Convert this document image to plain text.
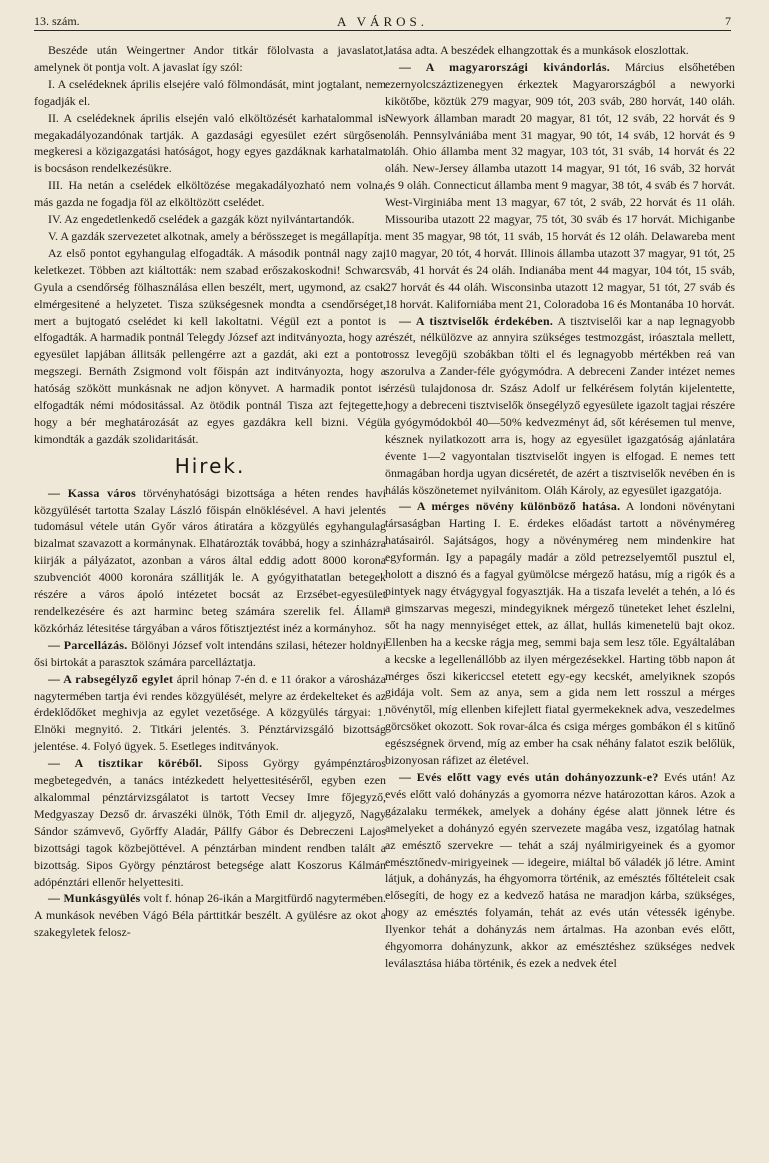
13. szám.	A VÁROS.	7

Beszéde után Weingertner Andor titkár fölolvasta a javaslatot, amelynek öt pontja volt. A javaslat így szól:

I. A cselédeknek április elsejére való fölmondását, mint jogtalant, nem fogadják el.

II. A cselédeknek április elsején való elköltözését karhatalommal is megakadályozandónak tartják. A gazdasági egyesület ezért sürgősen megkeresi a közigazgatási hatóságot, hogy egyes gazdáknak karhatalmat is bocsáson rendelkezésükre.

III. Ha netán a cselédek elköltözése megakadályozható nem volna, más gazda ne fogadja föl az elköltözött cselédet.

IV. Az engedetlenkedő cselédek a gazgák közt nyilvántartandók.

V. A gazdák szervezetet alkotnak, amely a bérösszeget is megállapítja.

Az első pontot egyhangulag elfogadták. A második pontnál nagy zaj keletkezet. Többen azt kiáltották: nem szabad erőszakoskodni! Schwarc Gyula a csendőrség fölhasználása ellen beszélt, mert, ugymond, az csak elmérgesitené a helyzetet. Tisza szükségesnek mondta a csendőrséget, mert a bujtogató cselédet ki kell lakoltatni. Végül ezt a pontot is elfogadták. A harmadik pontnál Telegdy József azt inditványozta, hogy az egyesület lapjában állitsák pellengérre azt a gazdát, aki ezt a pontot megszegi. Bernáth Zsigmond volt főispán azt inditványozta, hogy a hatóság szökött munkásnak ne adjon könyvet. A harmadik pontot is elfogadták némi módositással. Az ötödik pontnál Tisza azt fejtegette, hogy a bér meghatározását az egyes gazdákra kell bizni. Végül kimondták a gazdák szolidaritását.

Hirek.

— Kassa város törvényhatósági bizottsága a héten rendes havi közgyülését tartotta Szalay László főispán elnöklésével. A havi jelentés tudomásul vétele után Győr város átiratára a közgyülés egyhangulag bizalmat szavazott a kormánynak. Elhatározták továbbá, hogy a szinházra kiirják a pályázatot, azonban a város által eddig adott 8000 korona szubvenciót 4000 koronára szállitják le. A gyógyithatatlan betegek részére a város ápoló intézetet bocsát az Erzsébet-egyesület rendelkezésére és azt harminc beteg számára szerelik fel. Állami közkórház létesitése tárgyában a város főtisztjeztést inéz a kormányhoz.

— Parcellázás. Bölönyi József volt intendáns szilasi, hétezer holdnyi ősi birtokát a parasztok számára parcelláztatja.

— A rabsegélyző egylet ápril hónap 7-én d. e 11 órakor a városháza nagytermében tartja évi rendes közgyülését, melyre az érdekelteket és az érdeklődőket meghivja az egylet vezetősége. A közgyülés tárgyai: 1. Elnöki megnyitó. 2. Titkári jelentés. 3. Pénztárvizsgáló bizottság jelentése. 4. Folyó ügyek. 5. Esetleges inditványok.

— A tisztikar köréből. Siposs György gyámpénztáros megbetegedvén, a tanács intézkedett helyettesitéséről, egyben ezen alkalommal pénztárvizsgálatot is tartott Vecsey Imre főjegyző, Medgyaszay Dezső dr. árvaszéki ülnök, Tóth Emil dr. aljegyző, Nagy Sándor számvevő, Győrffy Aladár, Pállfy Gábor és Debreczeni Lajos bizottsági tagok közbejöttével. A pénztárban mindent rendben talált a bizottság. Sipos György pénztárost betegsége alatt Koszorus Kálmán adópénztári ellenőr helyettesiti.

— Munkásgyülés volt f. hónap 26-ikán a Margitfürdő nagytermében. A munkások nevében Vágó Béla párttitkár beszélt. A gyülésre az okot a szakegyletek felosz-

latása adta. A beszédek elhangzottak és a munkások eloszlottak.

— A magyarországi kivándorlás. Március elsőhetében ezernyolcszáztizenegyen érkeztek Magyarországból a newyorki kikötőbe, köztük 279 magyar, 909 tót, 203 sváb, 280 horvát, 140 oláh. Newyork államban maradt 20 magyar, 81 tót, 12 sváb, 22 horvát és 9 oláh. Pennsylvániába ment 31 magyar, 90 tót, 14 sváb, 12 horvát és 9 oláh. Ohio államba ment 32 magyar, 103 tót, 31 sváb, 14 horvát és 22 oláh. New-Jersey államba utazott 14 magyar, 91 tót, 16 sváb, 32 horvát és 9 oláh. Connecticut államba ment 9 magyar, 38 tót, 4 sváb és 7 horvát. West-Virginiába ment 13 magyar, 67 tót, 2 sváb, 22 horvát és 11 oláh. Missouriba utazott 22 magyar, 75 tót, 30 sváb és 17 horvát. Michiganbe ment 35 magyar, 98 tót, 11 sváb, 15 horvát és 12 oláh. Delawareba ment 10 magyar, 20 tót, 4 horvát. Illinois államba utazott 37 magyar, 91 tót, 25 sváb, 41 horvát és 24 oláh. Indianába ment 44 magyar, 104 tót, 15 sváb, 27 horvát és 44 oláh. Wisconsinba utazott 12 magyar, 51 tót, 27 sváb és 18 horvát. Kaliforniába ment 21, Coloradoba 16 és Montanába 10 horvát.

— A tisztviselők érdekében. A tisztviselői kar a nap legnagyobb részét, nélkülözve az annyira szükséges testmozgást, iróasztala mellett, rossz levegőjü szobákban tölti el és legnagyobb mértékben reá van szorulva a Zander-féle gyógymódra. A debreceni Zander intézet nemes érzésü tulajdonosa dr. Szász Adolf ur felkérésem folytán kijelentette, hogy a debreceni tisztviselők önsegélyző egyesülete igazolt tagjai részére a gyógymódokból 40—50% kedvezményt ád, sőt kérésemen tul menve, késznek nyilatkozott arra is, hogy az egyesület igazgatóság ajánlatára évente 1—2 vagyontalan tisztviselőt ingyen is elfogad. E nemes tett önmagában hordja ugyan dicséretét, de azért a tisztviselők nevében én is hálás köszönetemet nyilvánitom. Oláh Károly, az egyesület igazgatója.

— A mérges növény különböző hatása. A londoni növénytani társaságban Harting I. E. érdekes előadást tartott a növényméreg hatásairól. Sajátságos, hogy a növényméreg nem mindenkire hat egyformán. Igy a papagály madár a zöld petrezselyemtől pusztul el, holott a disznó és a fagyal gyümölcse mérgező hatásu, míg a rigók és a pintyek nagy étvágygyal fogyasztják. Ha a tiszafa levelét a tehén, a ló és a gimszarvas megeszi, mindegyiknek mérgező tüneteket lehet észlelni, sőt ha nagy mennyiséget ettek, az állat, hullás kimenetelü bajt okoz. Ellenben ha a kecske rágja meg, semmi baja sem lesz tőle. Egyáltalában a kecske a legellenállóbb az ilyen mérgezésekkel. Harting több napon át mérges őszi kikericcsel etetett egy-egy kecskét, amelyiknek szopós gidája volt. Sem az anya, sem a gida nem lett rosszul a mérges növénytől, míg ellenben kifejlett fiatal gyermekeknek adva, veszedelmes görcsöket okozott. Sok rovar-álca és csiga mérges gombákon él s kitűnő egészségnek örvend, míg az ember ha csak néhány falatot eszik belőlük, bizonyosan ráfizet az életével.

— Evés előtt vagy evés után dohányozzunk-e? Evés után! Az evés előtt való dohányzás a gyomorra nézve határozottan káros. Azok a gázalaku termékek, amelyek a dohány égése alatt jönnek létre és amelyeket a dohányzó egyén szervezete magába vesz, izgatólag hatnak az emésztő szervekre — tehát a száj nyálmirigyeinek és a gyomor emésztőnedv-mirigyeinek — idegeire, miáltal bő váladék jő létre. Amint látjuk, a dohányzás, ha éhgyomorra történik, az emésztés főltételeit csak elősegíti, de hogy ez a kedvező hatása ne maradjon kárba, szükséges, hogy az emésztés folyamán, tehát az evés után vétessék igénybe. Ilyenkor tehát a dohányzás nem ártalmas. Ha azonban evés előtt, éhgyomorra dohányzunk, akkor az emésztéshez szükséges nedvek leválasztása hiába történik, és ezek a nedvek étel
